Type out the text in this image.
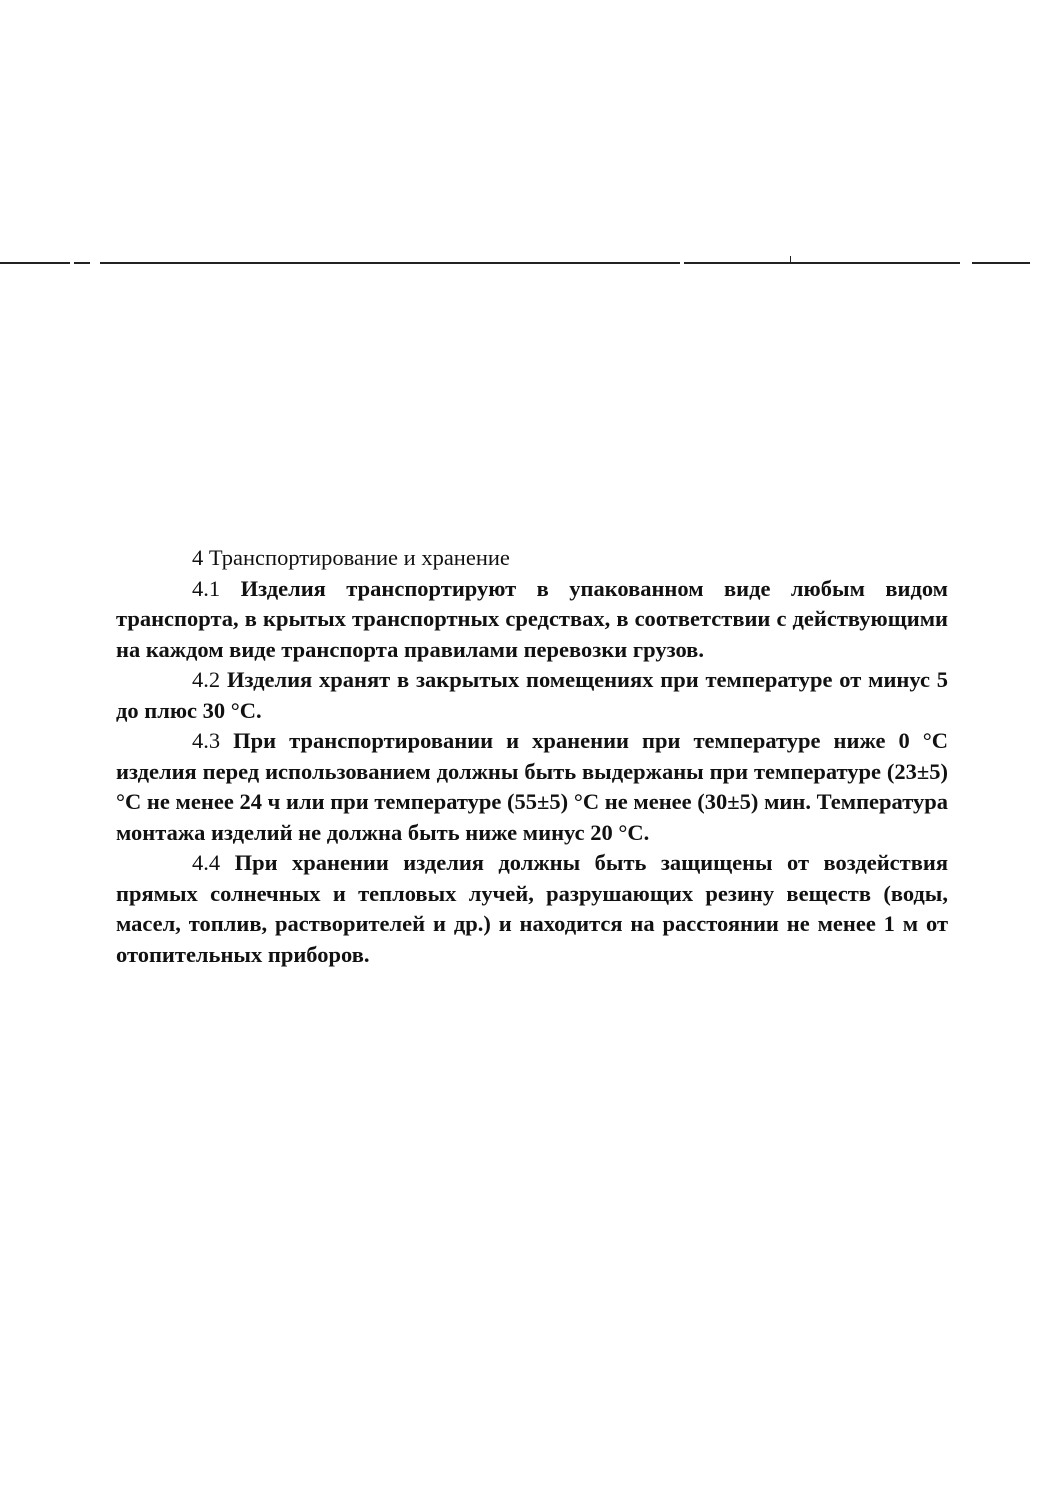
4 Транспортирование и хранение

4.1 Изделия транспортируют в упакованном виде любым видом транспорта, в крытых транспортных средствах, в соответствии с действующими на каждом виде транспорта правилами перевозки грузов.

4.2 Изделия хранят в закрытых помещениях при температуре от минус 5 до плюс 30 °С.

4.3 При транспортировании и хранении при температуре ниже 0 °С изделия перед использованием должны быть выдержаны при температуре (23±5) °С не менее 24 ч или при температуре (55±5) °С не менее (30±5) мин. Температура монтажа изделий не должна быть ниже минус 20 °С.

4.4 При хранении изделия должны быть защищены от воздействия прямых солнечных и тепловых лучей, разрушающих резину веществ (воды, масел, топлив, растворителей и др.) и находится на расстоянии не менее 1 м от отопительных приборов.
